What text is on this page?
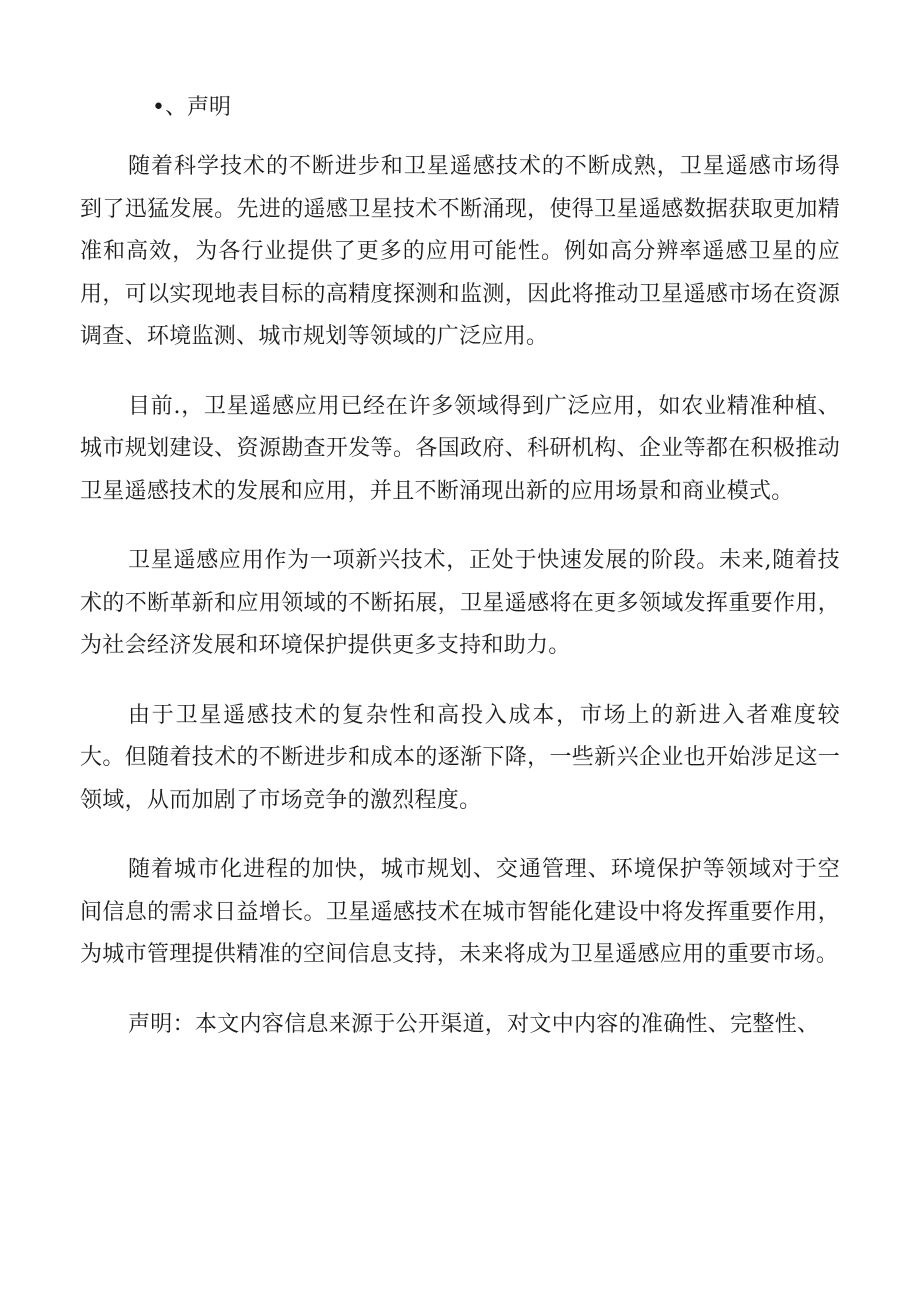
•、声明

随着科学技术的不断进步和卫星遥感技术的不断成熟，卫星遥感市场得到了迅猛发展。先进的遥感卫星技术不断涌现，使得卫星遥感数据获取更加精准和高效，为各行业提供了更多的应用可能性。例如高分辨率遥感卫星的应用，可以实现地表目标的高精度探测和监测，因此将推动卫星遥感市场在资源调查、环境监测、城市规划等领域的广泛应用。

目前.，卫星遥感应用已经在许多领域得到广泛应用，如农业精准种植、城市规划建设、资源勘查开发等。各国政府、科研机构、企业等都在积极推动卫星遥感技术的发展和应用，并且不断涌现出新的应用场景和商业模式。

卫星遥感应用作为一项新兴技术，正处于快速发展的阶段。未来,随着技术的不断革新和应用领域的不断拓展，卫星遥感将在更多领域发挥重要作用，为社会经济发展和环境保护提供更多支持和助力。

由于卫星遥感技术的复杂性和高投入成本，市场上的新进入者难度较大。但随着技术的不断进步和成本的逐渐下降，一些新兴企业也开始涉足这一领域，从而加剧了市场竞争的激烈程度。

随着城市化进程的加快，城市规划、交通管理、环境保护等领域对于空间信息的需求日益增长。卫星遥感技术在城市智能化建设中将发挥重要作用，为城市管理提供精准的空间信息支持，未来将成为卫星遥感应用的重要市场。

声明：本文内容信息来源于公开渠道，对文中内容的准确性、完整性、
